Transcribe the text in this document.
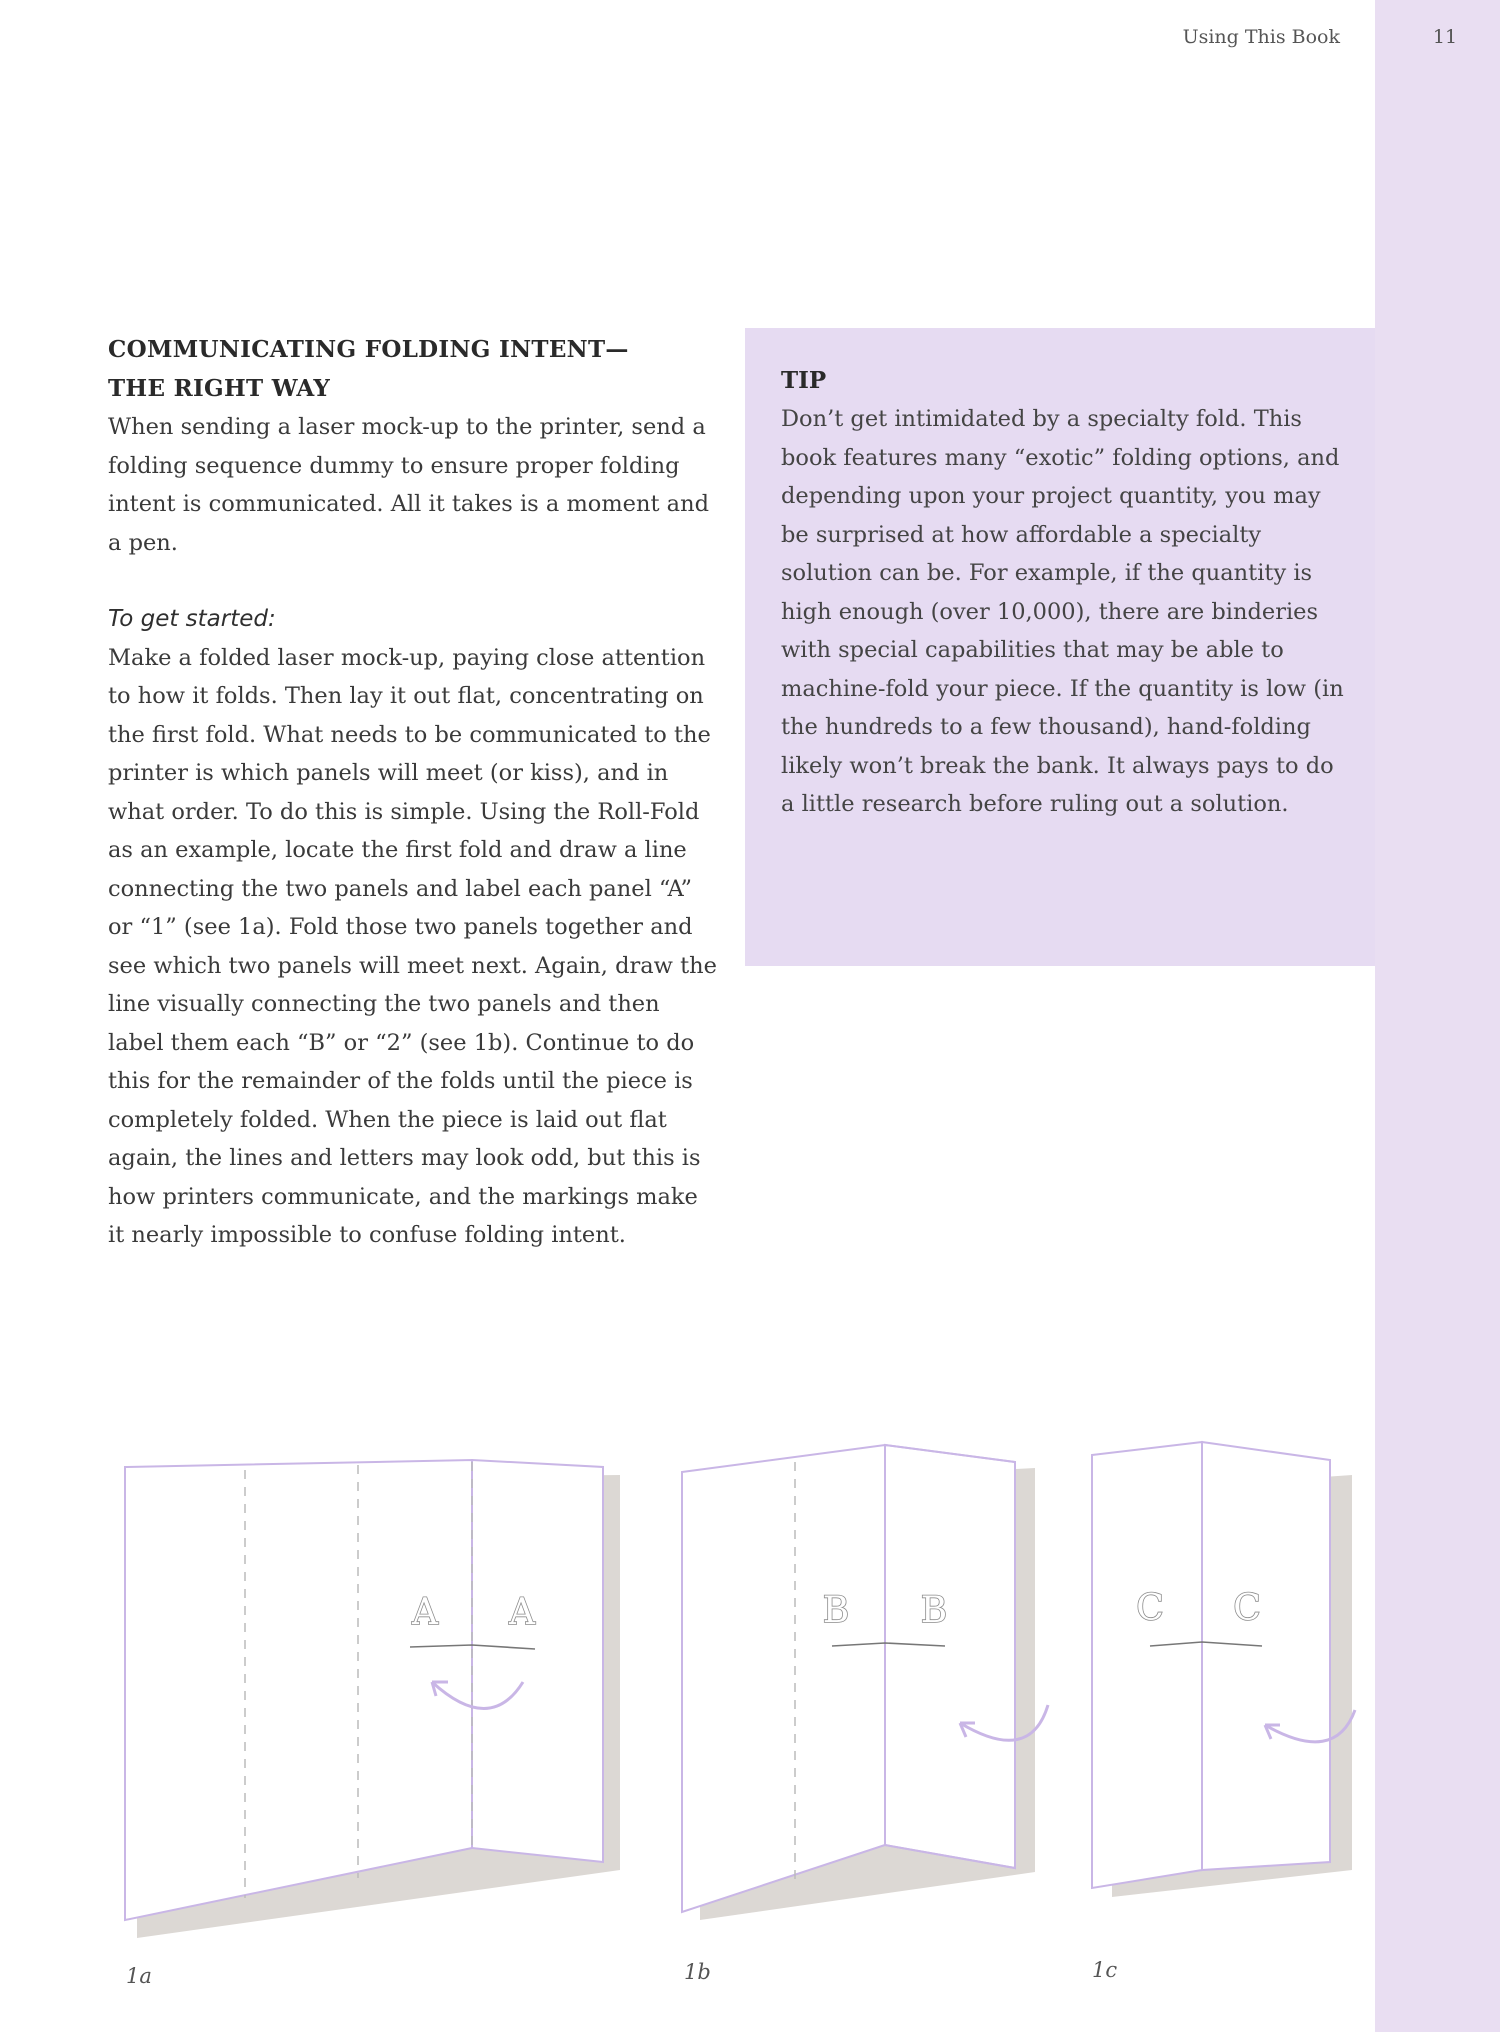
Using This Book	11

COMMUNICATING FOLDING INTENT—

THE RIGHT WAY

When sending a laser mock-up to the printer, send a folding sequence dummy to ensure proper folding intent is communicated. All it takes is a moment and a pen.

To get started:

Make a folded laser mock-up, paying close attention to how it folds. Then lay it out flat, concentrating on the first fold. What needs to be communicated to the printer is which panels will meet (or kiss), and in what order. To do this is simple. Using the Roll-Fold as an example, locate the first fold and draw a line connecting the two panels and label each panel “A” or “1” (see 1a). Fold those two panels together and see which two panels will meet next. Again, draw the line visually connecting the two panels and then label them each “B” or “2” (see 1b). Continue to do this for the remainder of the folds until the piece is completely folded. When the piece is laid out flat again, the lines and letters may look odd, but this is how printers communicate, and the markings make it nearly impossible to confuse folding intent.

TIP

Don’t get intimidated by a specialty fold. This book features many “exotic” folding options, and depending upon your project quantity, you may be surprised at how affordable a specialty solution can be. For example, if the quantity is high enough (over 10,000), there are binderies with special capabilities that may be able to machine-fold your piece. If the quantity is low (in the hundreds to a few thousand), hand-folding likely won’t break the bank. It always pays to do a little research before ruling out a solution.

A A	B B	C C
1a	1b	1c
